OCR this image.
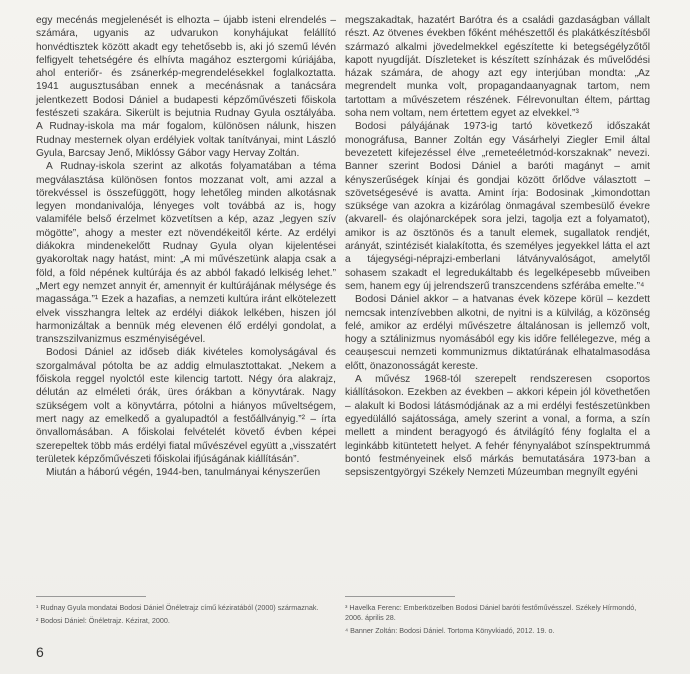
egy mecénás megjelenését is elhozta – újabb isteni elrendelés – számára, ugyanis az udvarukon konyhájukat felállító honvédtisztek között akadt egy tehetősebb is, aki jó szemű lévén felfigyelt tehetségére és elhívta magához esztergomi kúriájába, ahol enteriőr- és zsánerkép-megrendelésekkel foglalkoztatta. 1941 augusztusában ennek a mecénásnak a tanácsára jelentkezett Bodosi Dániel a budapesti képzőművészeti főiskola festészeti szakára. Sikerült is bejutnia Rudnay Gyula osztályába. A Rudnay-iskola ma már fogalom, különösen nálunk, hiszen Rudnay mesternek olyan erdélyiek voltak tanítványai, mint László Gyula, Barcsay Jenő, Miklóssy Gábor vagy Hervay Zoltán.

A Rudnay-iskola szerint az alkotás folyamatában a téma megválasztása különösen fontos mozzanat volt, ami azzal a törekvéssel is összefüggött, hogy lehetőleg minden alkotásnak legyen mondanivalója, lényeges volt továbbá az is, hogy valamiféle belső érzelmet közvetítsen a kép, azaz „legyen szív mögötte”, ahogy a mester ezt növendékeitől kérte. Az erdélyi diákokra mindenekelőtt Rudnay Gyula olyan kijelentései gyakoroltak nagy hatást, mint: „A mi művészetünk alapja csak a föld, a föld népének kultúrája és az abból fakadó lelkiség lehet.” „Mert egy nemzet annyit ér, amennyit ér kultúrájának mélysége és magassága.”¹ Ezek a hazafias, a nemzeti kultúra iránt elkötelezett elvek visszhangra leltek az erdélyi diákok lelkében, hiszen jól harmonizáltak a bennük még elevenen élő erdélyi gondolat, a transzszilvanizmus eszményiségével.

Bodosi Dániel az időseb diák kivételes komolyságával és szorgalmával pótolta be az addig elmulasztottakat. „Nekem a főiskola reggel nyolctól este kilencig tartott. Négy óra alakrajz, délután az elméleti órák, üres órákban a könyvtárak. Nagy szükségem volt a könyvtárra, pótolni a hiányos műveltségem, mert nagy az emelkedő a gyalupadtól a festőállványig.”² – írta önvallomásában. A főiskolai felvételét követő évben képei szerepeltek több más erdélyi fiatal művészével együtt a „visszatért területek képzőművészeti főiskolai ifjúságának kiállításán”.

Miután a háború végén, 1944-ben, tanulmányai kényszerűen

megszakadtak, hazatért Barótra és a családi gazdaságban vállalt részt. Az ötvenes években főként méhészettől és plakátkészítésből származó alkalmi jövedelmekkel egészítette ki betegségélyzőtől kapott nyugdíját. Díszleteket is készített színházak és művelődési házak számára, de ahogy azt egy interjúban mondta: „Az megrendelt munka volt, propagandaanyagnak tartom, nem tartottam a művészetem részének. Félrevonultan éltem, párttag soha nem voltam, nem értettem egyet az elvekkel.”³

Bodosi pályájának 1973-ig tartó következő időszakát monográfusa, Banner Zoltán egy Vásárhelyi Ziegler Emil által bevezetett kifejezéssel élve „remeteéletmód-korszaknak” nevezi. Banner szerint Bodosi Dániel a baróti magányt – amit kényszerűségek kínjai és gondjai között őrlődve választott – szövetségesévé is avatta. Amint írja: Bodosinak „kimondottan szüksége van azokra a kizárólag önmagával szembesülő évekre (akvarell- és olajónarcképek sora jelzi, tagolja ezt a folyamatot), amikor is az ösztönös és a tanult elemek, sugallatok rendjét, arányát, szintézisét kialakította, és személyes jegyekkel látta el azt a tájegységi-néprajzi-emberlani látványvalóságot, amelytől sohasem szakadt el legredukáltabb és legelképesebb műveiben sem, hanem egy új jelrendszerű transzcendens szférába emelte.”⁴

Bodosi Dániel akkor – a hatvanas évek közepe körül – kezdett nemcsak intenzívebben alkotni, de nyitni is a külvilág, a közönség felé, amikor az erdélyi művészetre általánosan is jellemző volt, hogy a sztálinizmus nyomásából egy kis időre fellélegezve, még a ceaușescui nemzeti kommunizmus diktatúrának elhatalmasodása előtt, önazonosságát kereste.

A művész 1968-tól szerepelt rendszeresen csoportos kiállításokon. Ezekben az években – akkori képein jól követhetően – alakult ki Bodosi látásmódjának az a mi erdélyi festészetünkben egyedülálló sajátossága, amely szerint a vonal, a forma, a szín mellett a mindent beragyogó és átvilágító fény foglalta el a leginkább kitüntetett helyet. A fehér fénynyalábot színspektrummá bontó festményeinek első márkás bemutatására 1973-ban a sepsiszentgyörgyi Székely Nemzeti Múzeumban megnyílt egyéni

¹ Rudnay Gyula mondatai Bodosi Dániel Önéletrajz című kéziratából (2000) származnak.
² Bodosi Dániel: Önéletrajz. Kézirat, 2000.
³ Havelka Ferenc: Emberközelben Bodosi Dániel baróti festőművésszel. Székely Hírmondó, 2006. április 28.
⁴ Banner Zoltán: Bodosi Dániel. Tortoma Könyvkiadó, 2012. 19. o.
6
